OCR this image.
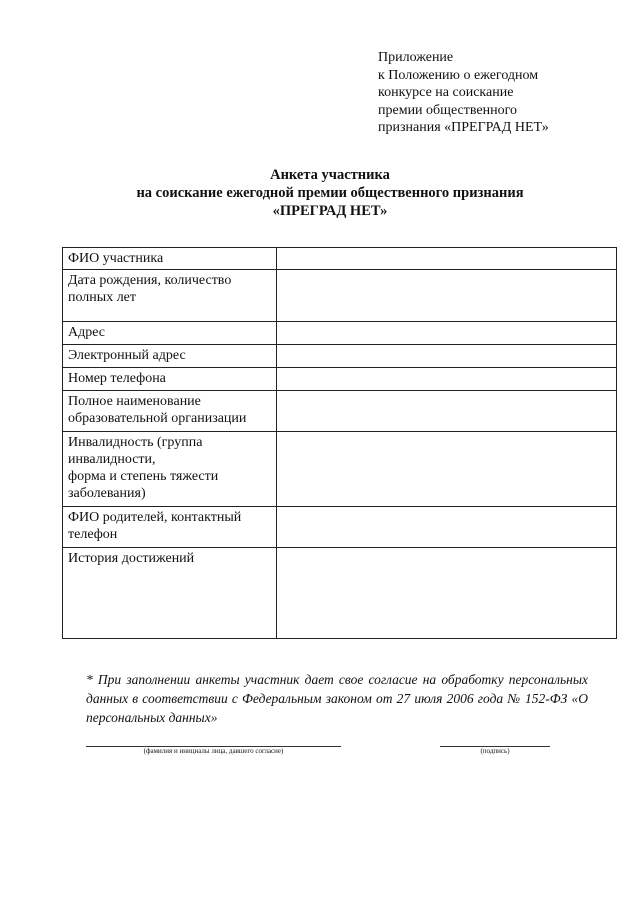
Приложение
к Положению о ежегодном
конкурсе на соискание
премии общественного
признания «ПРЕГРАД НЕТ»
Анкета участника
на соискание ежегодной премии общественного признания
«ПРЕГРАД НЕТ»
ФИО участника	
Дата рождения, количество полных лет	
Адрес	
Электронный адрес	
Номер телефона	
Полное наименование образовательной организации	
Инвалидность (группа инвалидности,
форма и степень тяжести заболевания)	
ФИО родителей, контактный телефон	
История достижений	
* При заполнении анкеты участник дает свое согласие на обработку персональных данных в соответствии с Федеральным законом от 27 июля 2006 года № 152-ФЗ «О персональных данных»
(фамилия и инициалы лица, давшего согласие)	(подпись)
